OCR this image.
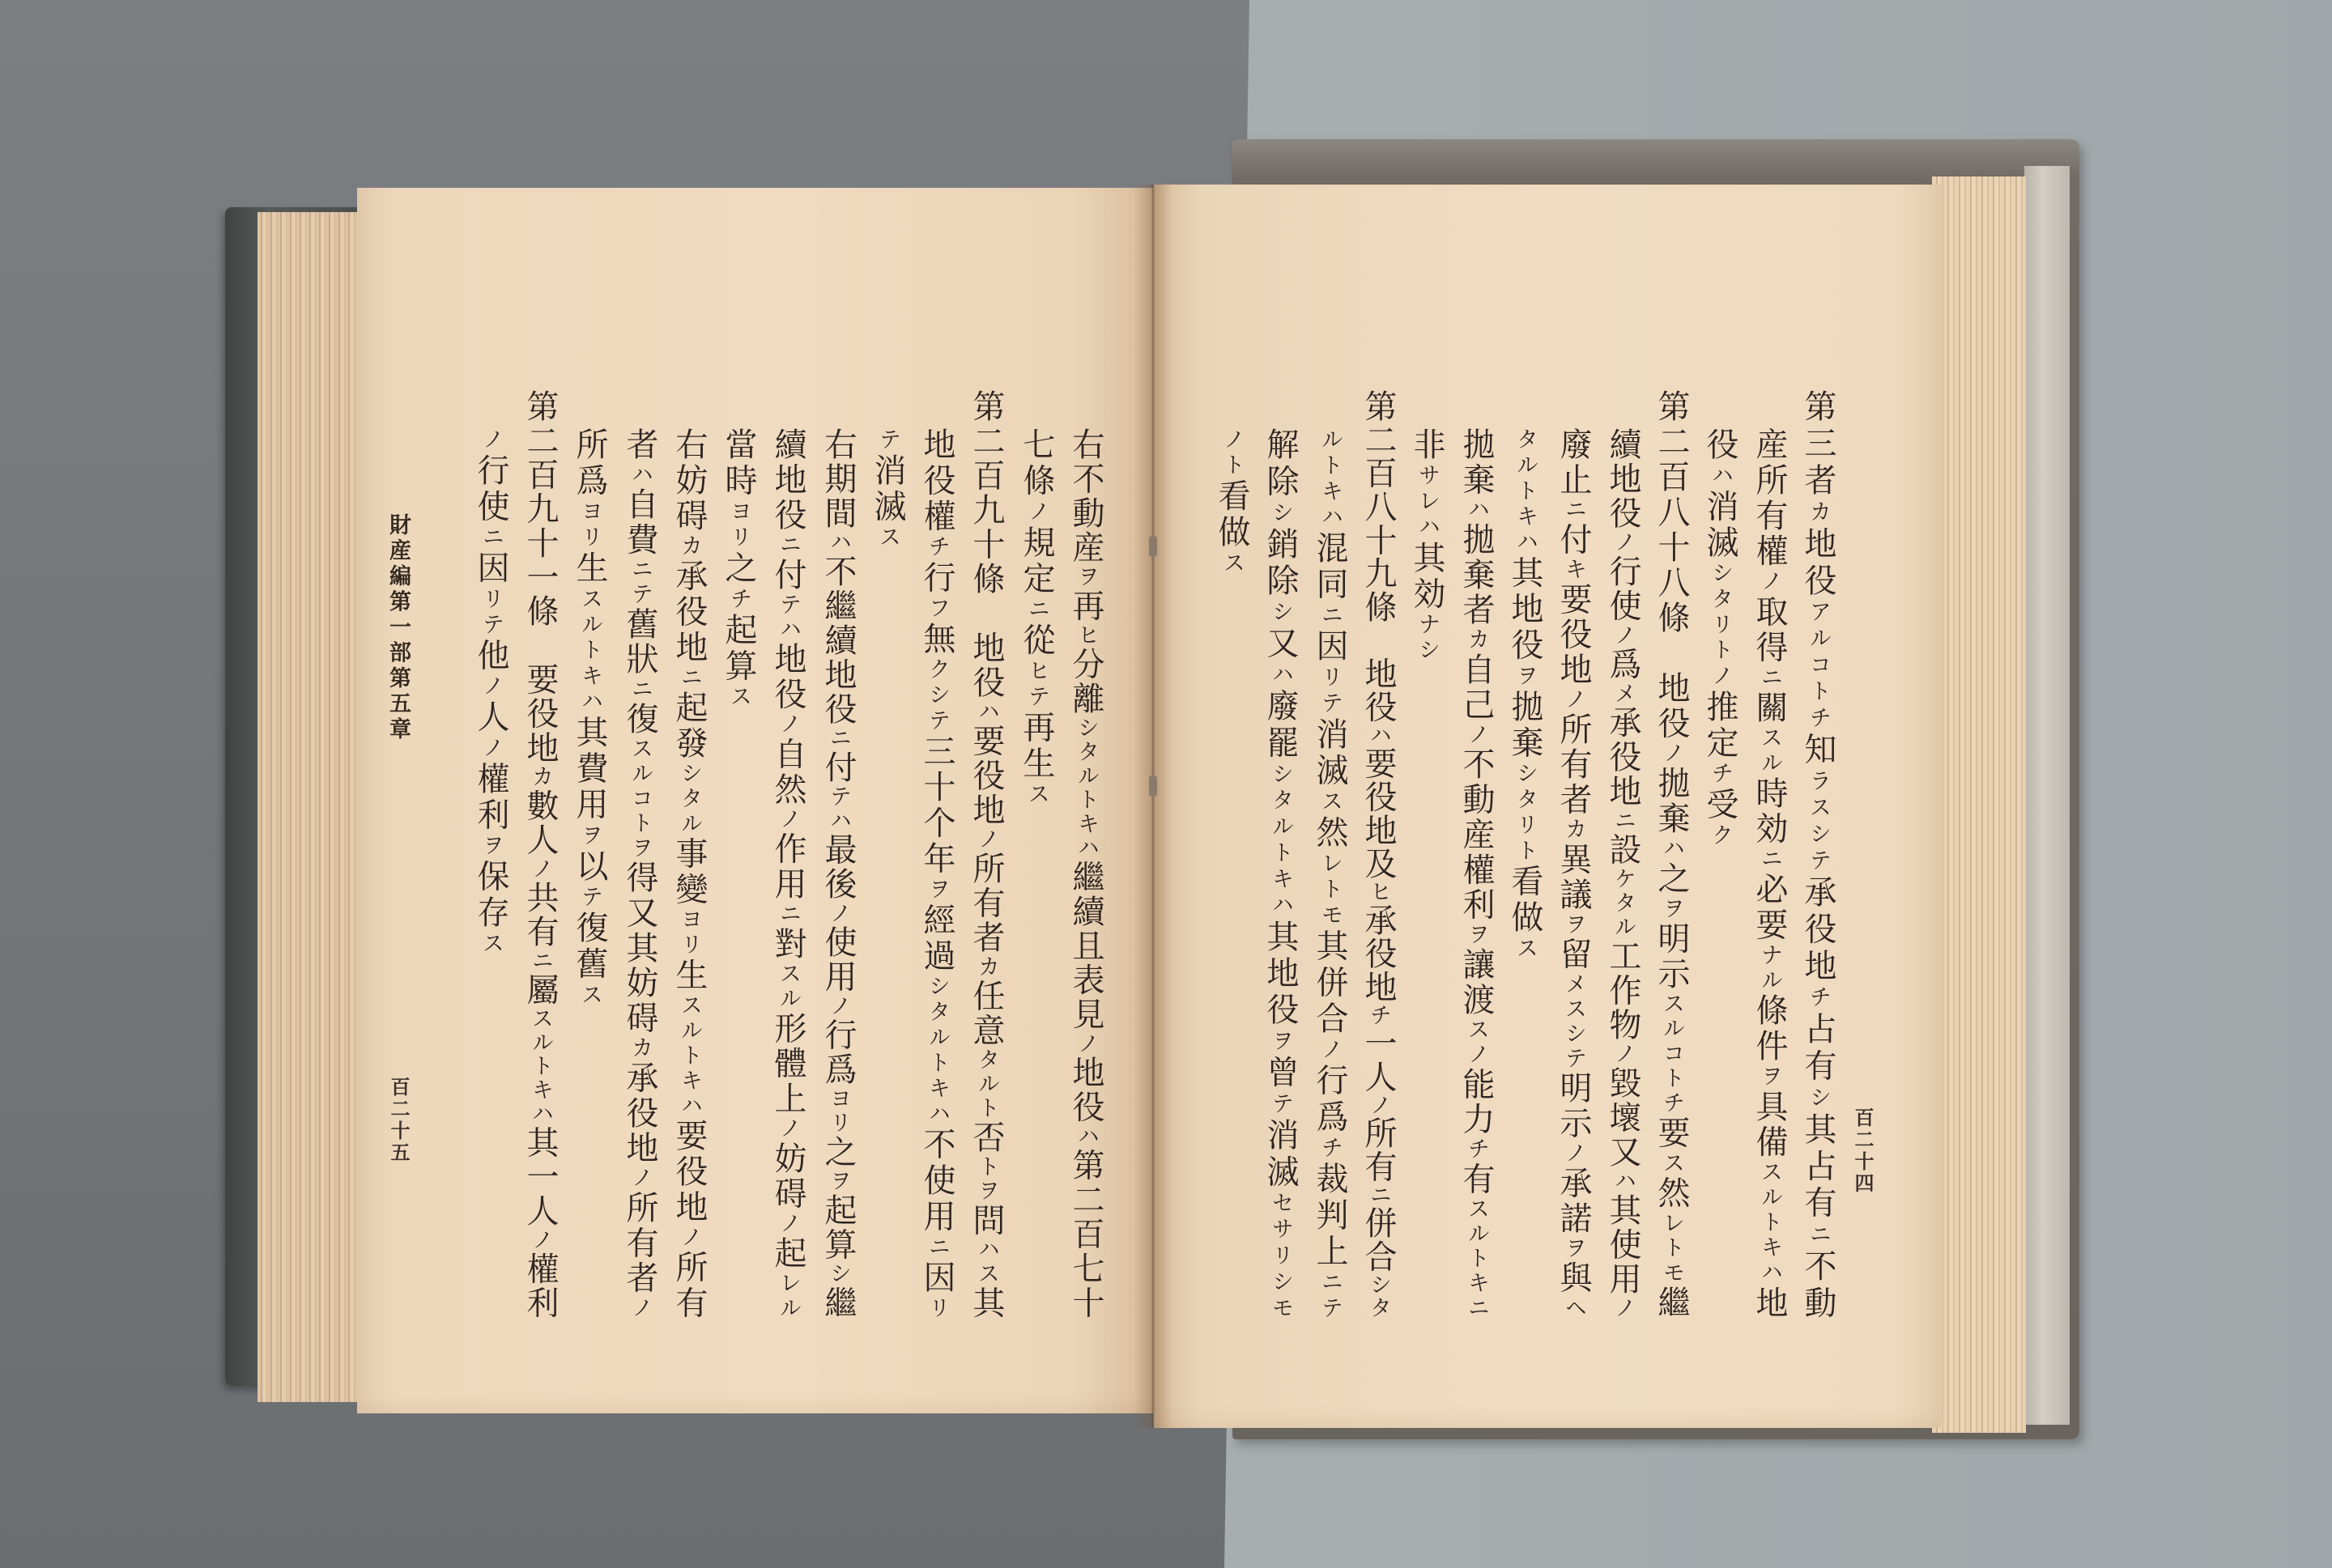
財産編第一部第五章
百二十五
右不動産ヲ再ヒ分離シタルトキハ繼續且表見ノ地役ハ第二百七十
七條ノ規定ニ從ヒテ再生ス
第二百九十條　地役ハ要役地ノ所有者カ任意タルト否トヲ問ハス其
地役權チ行フ無クシテ三十个年ヲ經過シタルトキハ不使用ニ因リ
テ消滅ス
右期間ハ不繼續地役ニ付テハ最後ノ使用ノ行爲ヨリ之ヲ起算シ繼
續地役ニ付テハ地役ノ自然ノ作用ニ對スル形體上ノ妨碍ノ起レル
當時ヨリ之チ起算ス
右妨碍カ承役地ニ起發シタル事變ヨリ生スルトキハ要役地ノ所有
者ハ自費ニテ舊狀ニ復スルコトヲ得又其妨碍カ承役地ノ所有者ノ
所爲ヨリ生スルトキハ其費用ヲ以テ復舊ス
第二百九十一條　要役地カ數人ノ共有ニ屬スルトキハ其一人ノ權利
ノ行使ニ因リテ他ノ人ノ權利ヲ保存ス
百二十四
第三者カ地役アルコトチ知ラスシテ承役地チ占有シ其占有ニ不動
産所有權ノ取得ニ關スル時効ニ必要ナル條件ヲ具備スルトキハ地
役ハ消滅シタリトノ推定チ受ク
第二百八十八條　地役ノ拋棄ハ之ヲ明示スルコトチ要ス然レトモ繼
續地役ノ行使ノ爲メ承役地ニ設ケタル工作物ノ毀壞又ハ其使用ノ
廢止ニ付キ要役地ノ所有者カ異議ヲ留メスシテ明示ノ承諾ヲ與ヘ
タルトキハ其地役ヲ拋棄シタリト看做ス
拋棄ハ拋棄者カ自己ノ不動産權利ヲ讓渡スノ能力チ有スルトキニ
非サレハ其効ナシ
第二百八十九條　地役ハ要役地及ヒ承役地チ一人ノ所有ニ併合シタ
ルトキハ混同ニ因リテ消滅ス然レトモ其併合ノ行爲チ裁判上ニテ
解除シ銷除シ又ハ廢罷シタルトキハ其地役ヲ曾テ消滅セサリシモ
ノト看做ス
